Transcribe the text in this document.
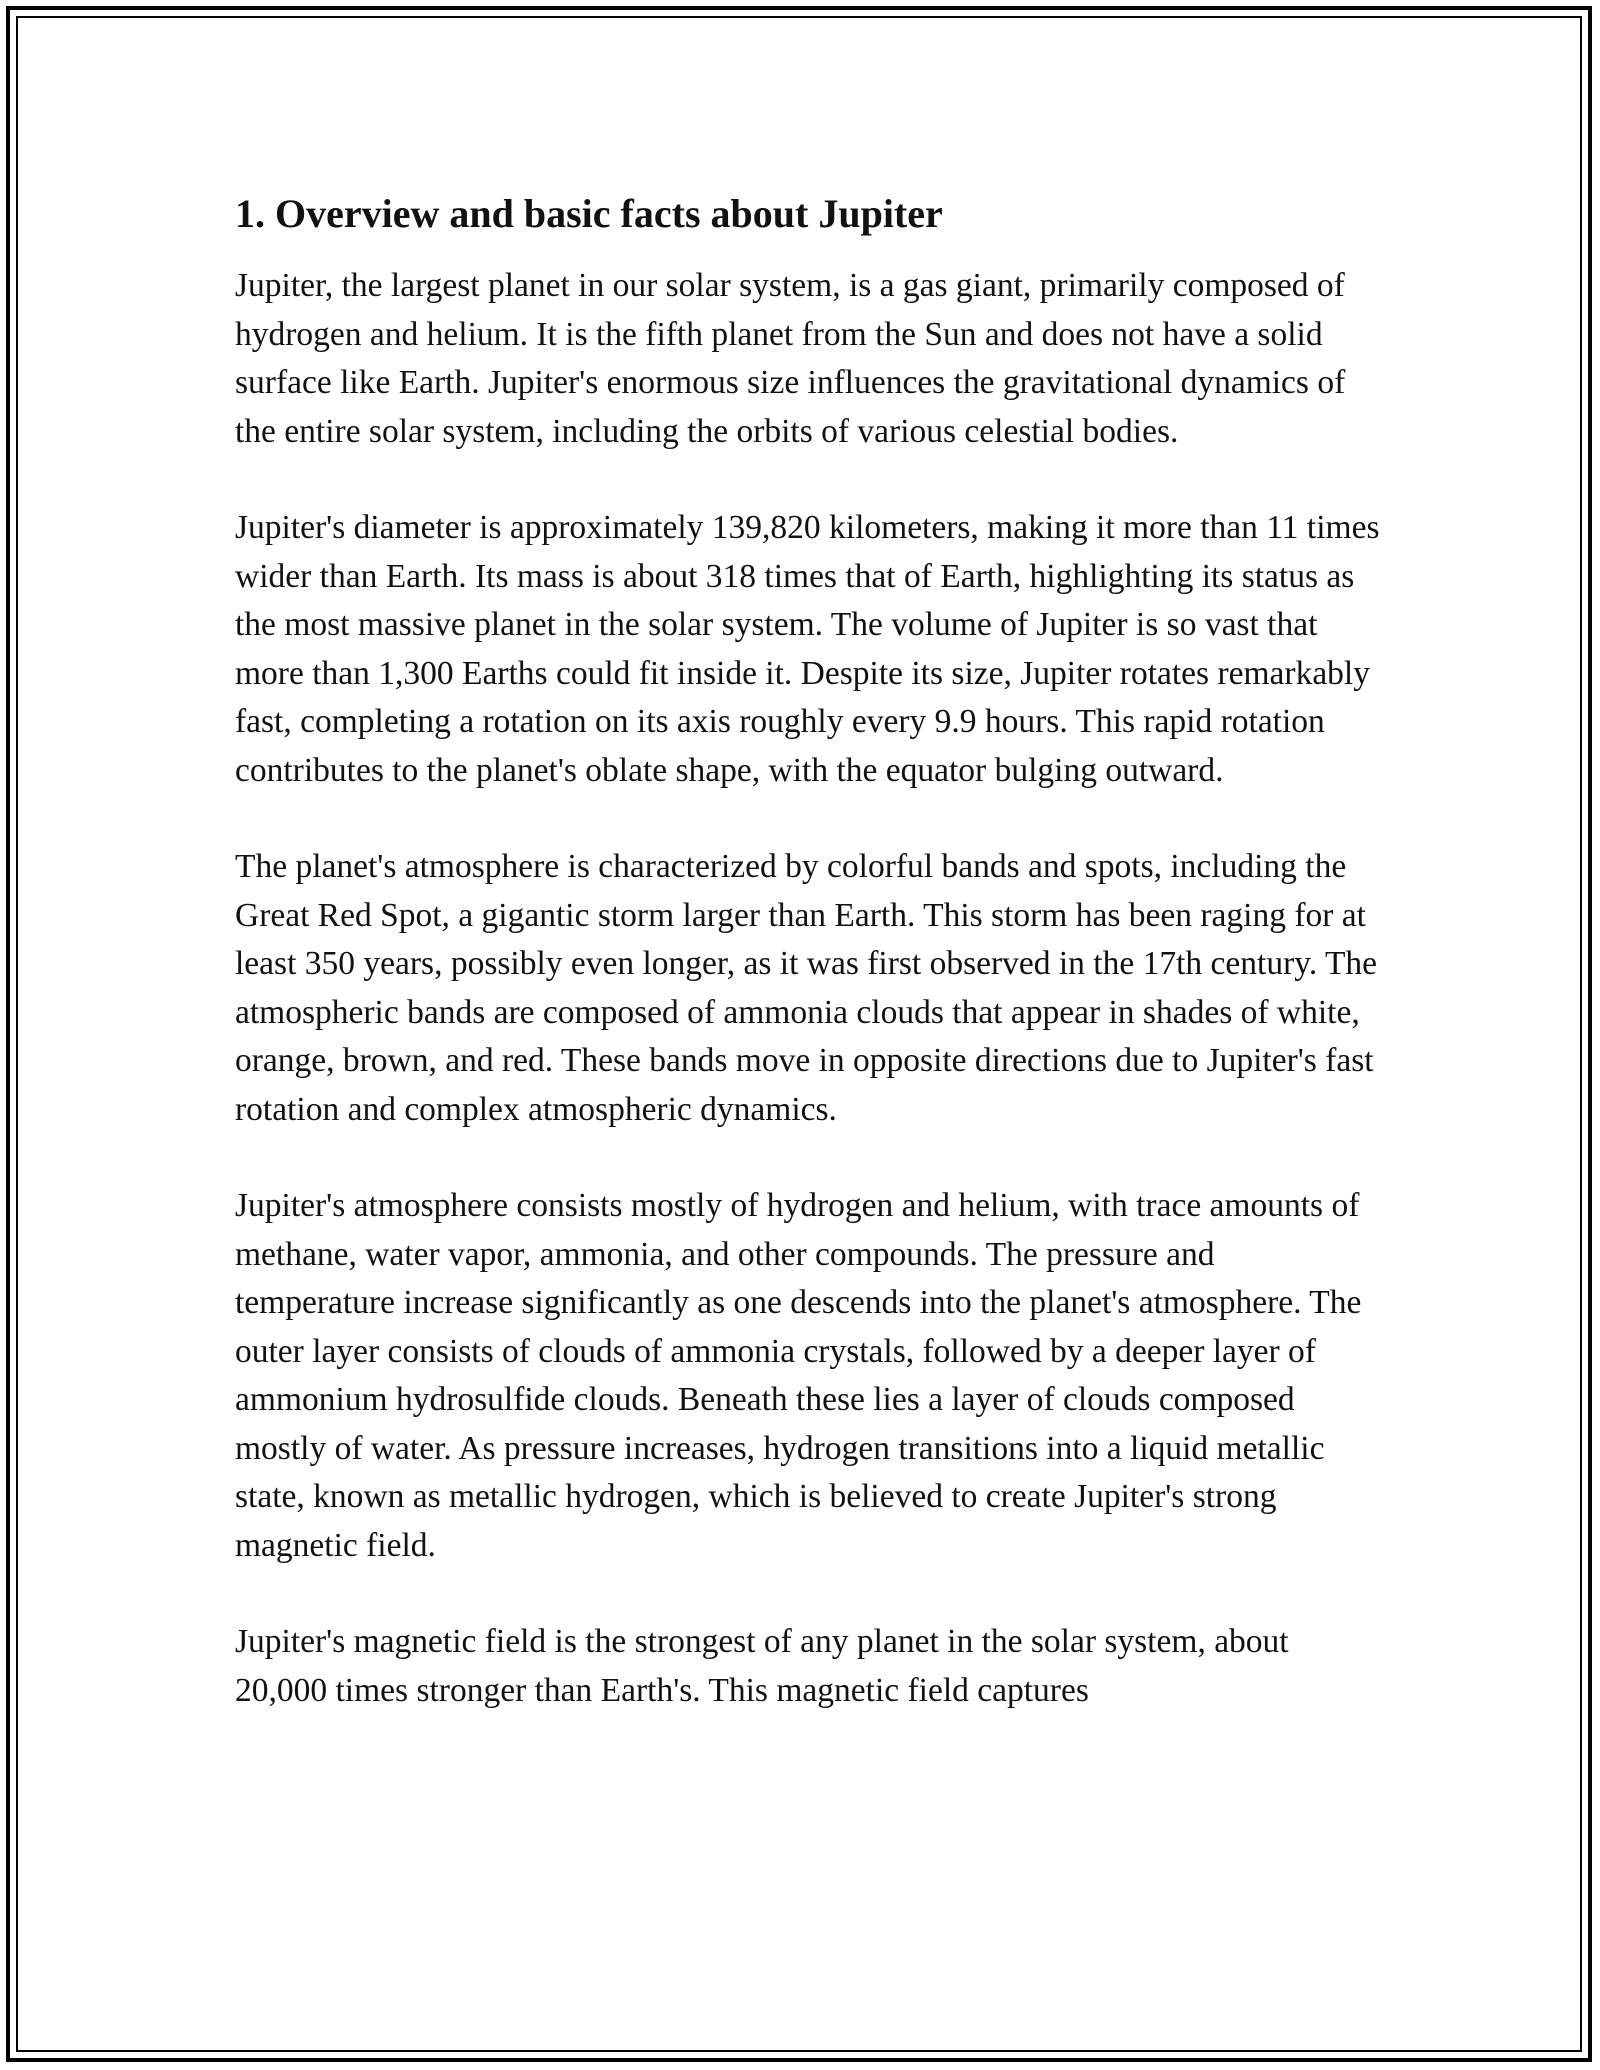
1. Overview and basic facts about Jupiter

Jupiter, the largest planet in our solar system, is a gas giant, primarily composed of hydrogen and helium. It is the fifth planet from the Sun and does not have a solid surface like Earth. Jupiter's enormous size influences the gravitational dynamics of the entire solar system, including the orbits of various celestial bodies.

Jupiter's diameter is approximately 139,820 kilometers, making it more than 11 times wider than Earth. Its mass is about 318 times that of Earth, highlighting its status as the most massive planet in the solar system. The volume of Jupiter is so vast that more than 1,300 Earths could fit inside it. Despite its size, Jupiter rotates remarkably fast, completing a rotation on its axis roughly every 9.9 hours. This rapid rotation contributes to the planet's oblate shape, with the equator bulging outward.

The planet's atmosphere is characterized by colorful bands and spots, including the Great Red Spot, a gigantic storm larger than Earth. This storm has been raging for at least 350 years, possibly even longer, as it was first observed in the 17th century. The atmospheric bands are composed of ammonia clouds that appear in shades of white, orange, brown, and red. These bands move in opposite directions due to Jupiter's fast rotation and complex atmospheric dynamics.

Jupiter's atmosphere consists mostly of hydrogen and helium, with trace amounts of methane, water vapor, ammonia, and other compounds. The pressure and temperature increase significantly as one descends into the planet's atmosphere. The outer layer consists of clouds of ammonia crystals, followed by a deeper layer of ammonium hydrosulfide clouds. Beneath these lies a layer of clouds composed mostly of water. As pressure increases, hydrogen transitions into a liquid metallic state, known as metallic hydrogen, which is believed to create Jupiter's strong magnetic field.

Jupiter's magnetic field is the strongest of any planet in the solar system, about 20,000 times stronger than Earth's. This magnetic field captures
